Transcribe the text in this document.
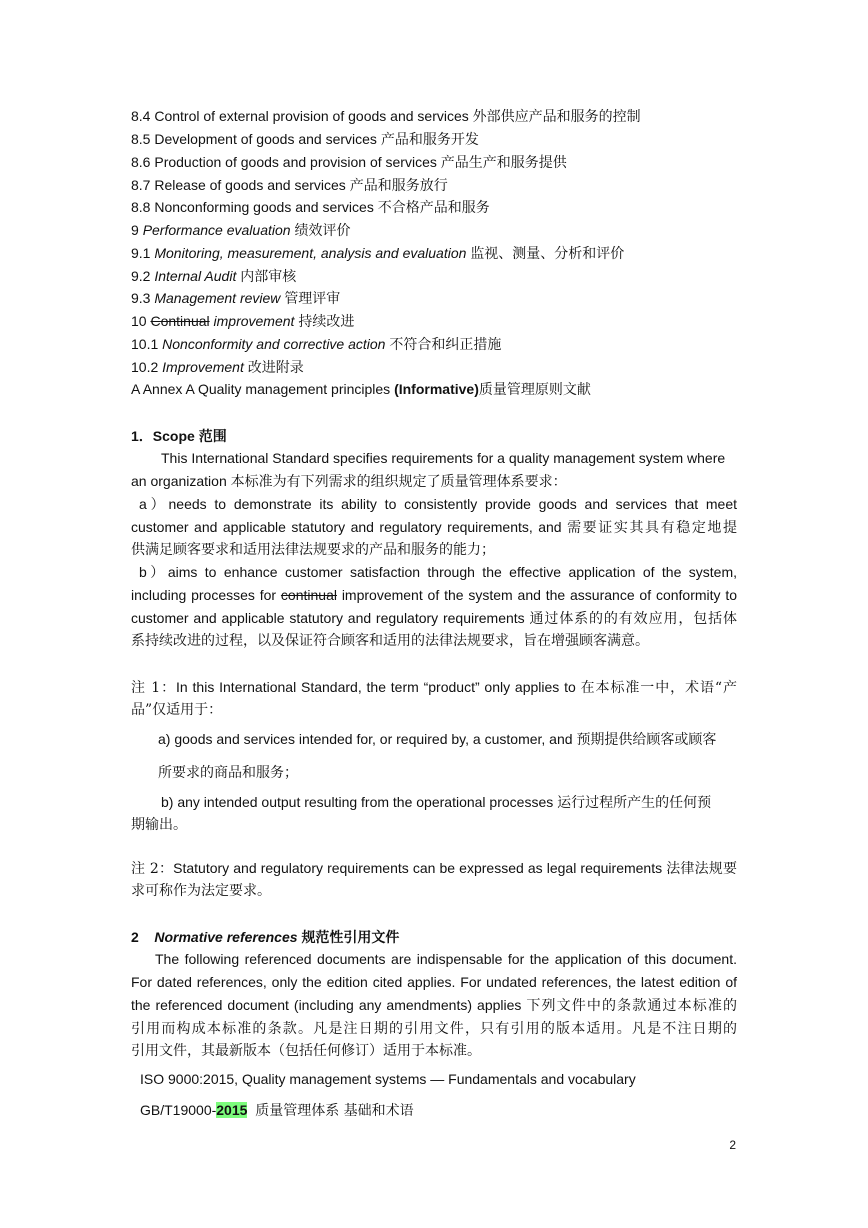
8.4 Control of external provision of goods and services 外部供应产品和服务的控制
8.5 Development of goods and services 产品和服务开发
8.6 Production of goods and provision of services 产品生产和服务提供
8.7 Release of goods and services 产品和服务放行
8.8 Nonconforming goods and services 不合格产品和服务
9 Performance evaluation 绩效评价
9.1 Monitoring, measurement, analysis and evaluation 监视、测量、分析和评价
9.2 Internal Audit 内部审核
9.3 Management review 管理评审
10 Continual improvement 持续改进
10.1 Nonconformity and corrective action 不符合和纠正措施
10.2 Improvement 改进附录
A Annex A Quality management principles (Informative)质量管理原则文献
1．Scope 范围
This International Standard specifies requirements for a quality management system where
an organization 本标准为有下列需求的组织规定了质量管理体系要求：
a）needs to demonstrate its ability to consistently provide goods and services that meet
customer and applicable statutory and regulatory requirements, and 需要证实其具有稳定地提
供满足顾客要求和适用法律法规要求的产品和服务的能力；
b）aims to enhance customer satisfaction through the effective application of the system,
including processes for continual improvement of the system and the assurance of conformity to
customer and applicable statutory and regulatory requirements 通过体系的的有效应用，包括体
系持续改进的过程，以及保证符合顾客和适用的法律法规要求，旨在增强顾客满意。
注 1：In this International Standard, the term “product” only applies to 在本标准一中，术语“产
品”仅适用于：
a) goods and services intended for, or required by, a customer, and 预期提供给顾客或顾客
所要求的商品和服务；
b) any intended output resulting from the operational processes 运行过程所产生的任何预
期输出。
注 2：Statutory and regulatory requirements can be expressed as legal requirements 法律法规要
求可称作为法定要求。
2 Normative references 规范性引用文件
The following referenced documents are indispensable for the application of this document.
For dated references, only the edition cited applies. For undated references, the latest edition of
the referenced document (including any amendments) applies 下列文件中的条款通过本标准的
引用而构成本标准的条款。凡是注日期的引用文件，只有引用的版本适用。凡是不注日期的
引用文件，其最新版本（包括任何修订）适用于本标准。
ISO 9000:2015, Quality management systems — Fundamentals and vocabulary
GB/T19000-2015 质量管理体系 基础和术语
2
